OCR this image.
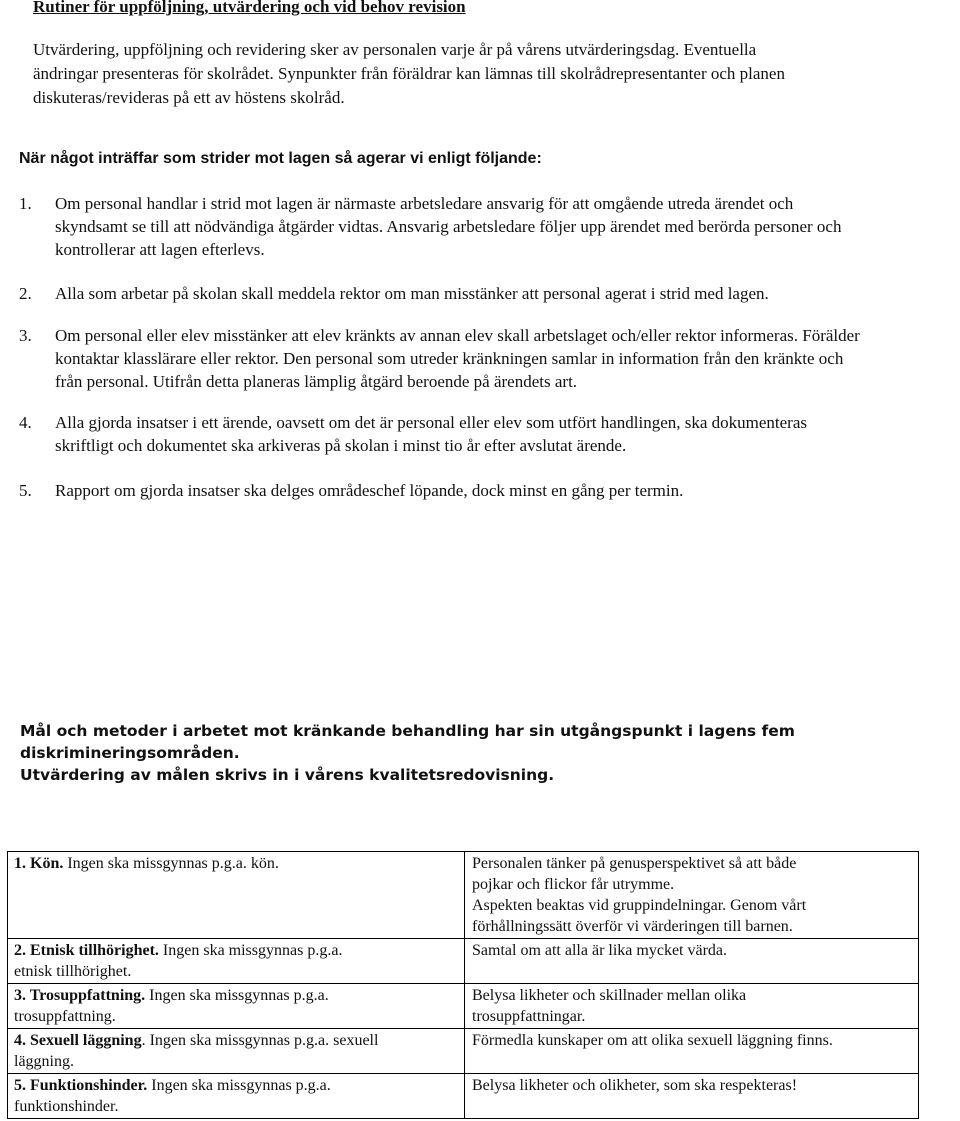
Rutiner för uppföljning, utvärdering och vid behov revision
Utvärdering, uppföljning och revidering sker av personalen varje år på vårens utvärderingsdag. Eventuella
ändringar presenteras för skolrådet. Synpunkter från föräldrar kan lämnas till skolrådrepresentanter och planen
diskuteras/revideras på ett av höstens skolråd.
När något inträffar som strider mot lagen så agerar vi enligt följande:
1.	Om personal handlar i strid mot lagen är närmaste arbetsledare ansvarig för att omgående utreda ärendet och
skyndsamt se till att nödvändiga åtgärder vidtas. Ansvarig arbetsledare följer upp ärendet med berörda personer och
kontrollerar att lagen efterlevs.
2.	Alla som arbetar på skolan skall meddela rektor om man misstänker att personal agerat i strid med lagen.
3.	Om personal eller elev misstänker att elev kränkts av annan elev skall arbetslaget och/eller rektor informeras. Förälder
kontaktar klasslärare eller rektor. Den personal som utreder kränkningen samlar in information från den kränkte och
från personal. Utifrån detta planeras lämplig åtgärd beroende på ärendets art.
4.	Alla gjorda insatser i ett ärende, oavsett om det är personal eller elev som utfört handlingen, ska dokumenteras
skriftligt och dokumentet ska arkiveras på skolan i minst tio år efter avslutat ärende.
5.	Rapport om gjorda insatser ska delges områdeschef löpande, dock minst en gång per termin.
Mål och metoder i arbetet mot kränkande behandling har sin utgångspunkt i lagens fem
diskrimineringsområden.
Utvärdering av målen skrivs in i vårens kvalitetsredovisning.
1. Kön. Ingen ska missgynnas p.g.a. kön.	Personalen tänker på genusperspektivet så att både
pojkar och flickor får utrymme.
Aspekten beaktas vid gruppindelningar. Genom vårt
förhållningssätt överför vi värderingen till barnen.

2. Etnisk tillhörighet. Ingen ska missgynnas p.g.a.
etnisk tillhörighet.	Samtal om att alla är lika mycket värda.

3. Trosuppfattning. Ingen ska missgynnas p.g.a.
trosuppfattning.	Belysa likheter och skillnader mellan olika
trosuppfattningar.

4. Sexuell läggning. Ingen ska missgynnas p.g.a. sexuell
läggning.	Förmedla kunskaper om att olika sexuell läggning finns.

5. Funktionshinder. Ingen ska missgynnas p.g.a.
funktionshinder.	Belysa likheter och olikheter, som ska respekteras!
